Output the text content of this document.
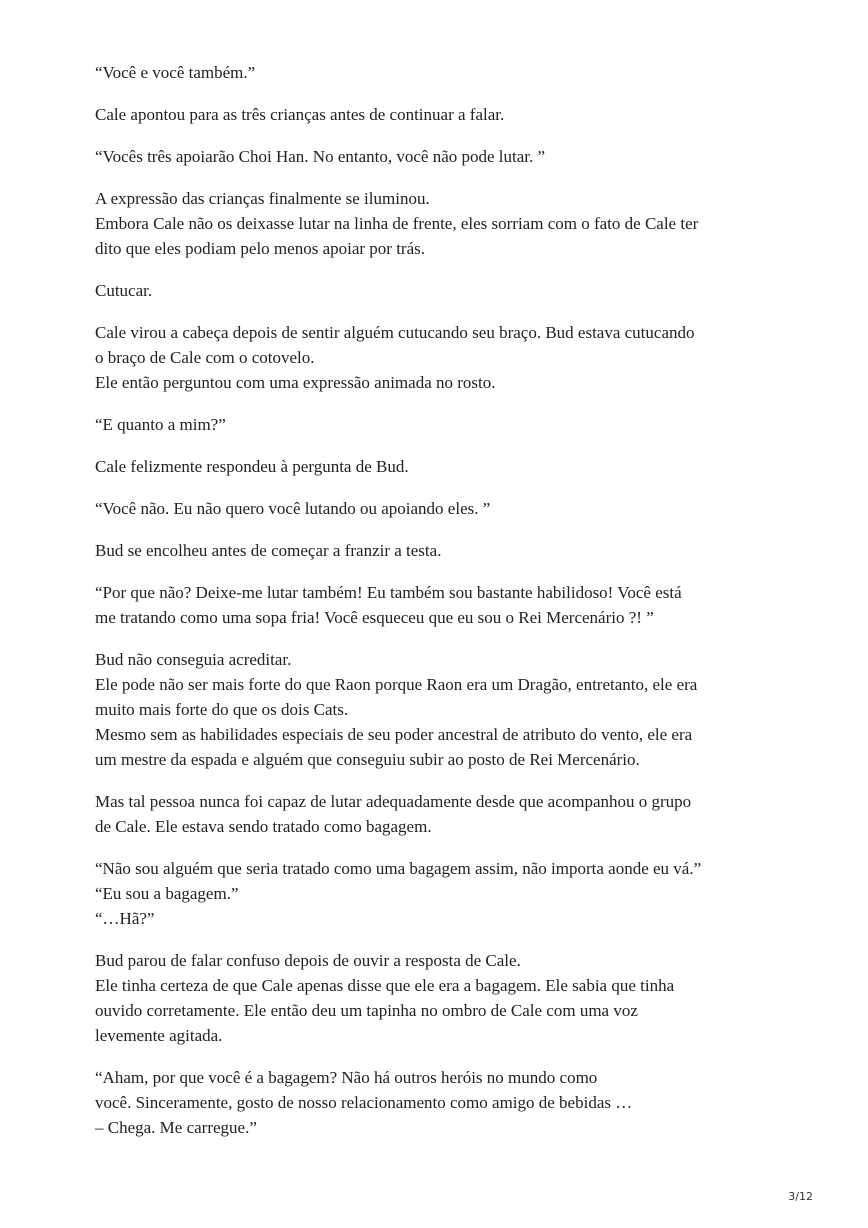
“Você e você também.”

Cale apontou para as três crianças antes de continuar a falar.

“Vocês três apoiarão Choi Han. No entanto, você não pode lutar. ”

A expressão das crianças finalmente se iluminou.
Embora Cale não os deixasse lutar na linha de frente, eles sorriam com o fato de Cale ter
dito que eles podiam pelo menos apoiar por trás.

Cutucar.

Cale virou a cabeça depois de sentir alguém cutucando seu braço. Bud estava cutucando
o braço de Cale com o cotovelo.
Ele então perguntou com uma expressão animada no rosto.

“E quanto a mim?”

Cale felizmente respondeu à pergunta de Bud.

“Você não. Eu não quero você lutando ou apoiando eles. ”

Bud se encolheu antes de começar a franzir a testa.

“Por que não? Deixe-me lutar também! Eu também sou bastante habilidoso! Você está
me tratando como uma sopa fria! Você esqueceu que eu sou o Rei Mercenário ?! ”

Bud não conseguia acreditar.
Ele pode não ser mais forte do que Raon porque Raon era um Dragão, entretanto, ele era
muito mais forte do que os dois Cats.
Mesmo sem as habilidades especiais de seu poder ancestral de atributo do vento, ele era
um mestre da espada e alguém que conseguiu subir ao posto de Rei Mercenário.

Mas tal pessoa nunca foi capaz de lutar adequadamente desde que acompanhou o grupo
de Cale. Ele estava sendo tratado como bagagem.

“Não sou alguém que seria tratado como uma bagagem assim, não importa aonde eu vá.”
“Eu sou a bagagem.”
“…Hã?”

Bud parou de falar confuso depois de ouvir a resposta de Cale.
Ele tinha certeza de que Cale apenas disse que ele era a bagagem. Ele sabia que tinha
ouvido corretamente. Ele então deu um tapinha no ombro de Cale com uma voz
levemente agitada.

“Aham, por que você é a bagagem? Não há outros heróis no mundo como
você. Sinceramente, gosto de nosso relacionamento como amigo de bebidas …
– Chega. Me carregue.”

3/12
